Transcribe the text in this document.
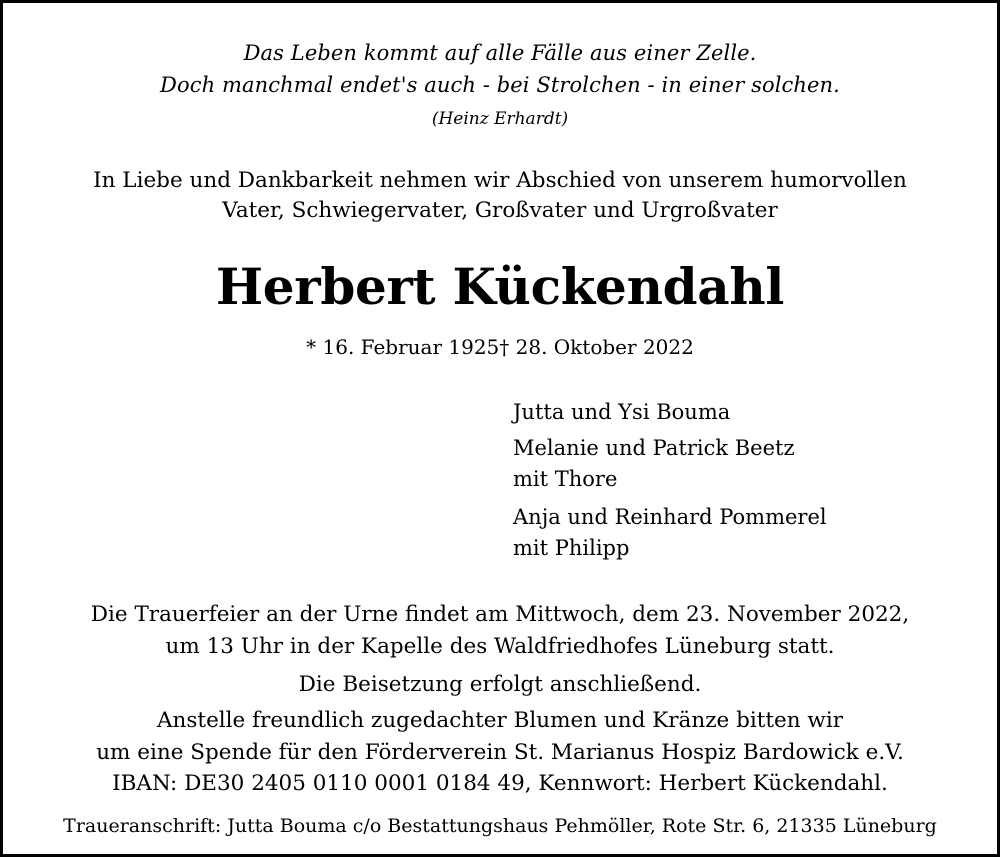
Das Leben kommt auf alle Fälle aus einer Zelle.
Doch manchmal endet's auch - bei Strolchen - in einer solchen.
(Heinz Erhardt)
In Liebe und Dankbarkeit nehmen wir Abschied von unserem humorvollen
Vater, Schwiegervater, Großvater und Urgroßvater
Herbert Kückendahl
* 16. Februar 1925† 28. Oktober 2022
Jutta und Ysi Bouma
Melanie und Patrick Beetz
mit Thore
Anja und Reinhard Pommerel
mit Philipp
Die Trauerfeier an der Urne findet am Mittwoch, dem 23. November 2022,
um 13 Uhr in der Kapelle des Waldfriedhofes Lüneburg statt.
Die Beisetzung erfolgt anschließend.
Anstelle freundlich zugedachter Blumen und Kränze bitten wir
um eine Spende für den Förderverein St. Marianus Hospiz Bardowick e.V.
IBAN: DE30 2405 0110 0001 0184 49, Kennwort: Herbert Kückendahl.
Traueranschrift: Jutta Bouma c/o Bestattungshaus Pehmöller, Rote Str. 6, 21335 Lüneburg
